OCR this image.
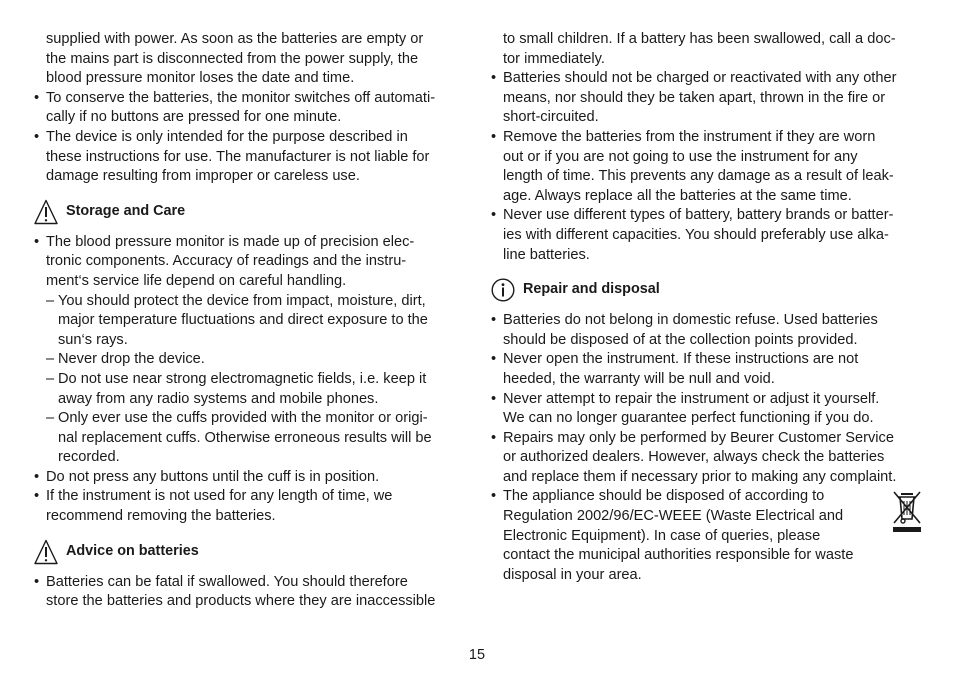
supplied with power. As soon as the batteries are empty or
the mains part is disconnected from the power supply, the
blood pressure monitor loses the date and time.
• To conserve the batteries, the monitor switches off automati-
cally if no buttons are pressed for one minute.
• The device is only intended for the purpose described in
these instructions for use. The manufacturer is not liable for
damage resulting from improper or careless use.
Storage and Care
• The blood pressure monitor is made up of precision elec-
tronic components. Accuracy of readings and the instru-
ment‘s service life depend on careful handling.
– You should protect the device from impact, moisture, dirt,
major temperature fluctuations and direct exposure to the
sun‘s rays.
– Never drop the device.
– Do not use near strong electromagnetic fields, i.e. keep it
away from any radio systems and mobile phones.
– Only ever use the cuffs provided with the monitor or origi-
nal replacement cuffs. Otherwise erroneous results will be
recorded.
• Do not press any buttons until the cuff is in position.
• If the instrument is not used for any length of time, we
recommend removing the batteries.
Advice on batteries
• Batteries can be fatal if swallowed. You should therefore
store the batteries and products where they are inaccessible
to small children. If a battery has been swallowed, call a doc-
tor immediately.
• Batteries should not be charged or reactivated with any other
means, nor should they be taken apart, thrown in the fire or
short-circuited.
• Remove the batteries from the instrument if they are worn
out or if you are not going to use the instrument for any
length of time. This prevents any damage as a result of leak-
age. Always replace all the batteries at the same time.
• Never use different types of battery, battery brands or batter-
ies with different capacities. You should preferably use alka-
line batteries.
Repair and disposal
• Batteries do not belong in domestic refuse. Used batteries
should be disposed of at the collection points provided.
• Never open the instrument. If these instructions are not
heeded, the warranty will be null and void.
• Never attempt to repair the instrument or adjust it yourself.
We can no longer guarantee perfect functioning if you do.
• Repairs may only be performed by Beurer Customer Service
or authorized dealers. However, always check the batteries
and replace them if necessary prior to making any complaint.
• The appliance should be disposed of according to
Regulation 2002/96/EC-WEEE (Waste Electrical and
Electronic Equipment). In case of queries, please
contact the municipal authorities responsible for waste
disposal in your area.
15
